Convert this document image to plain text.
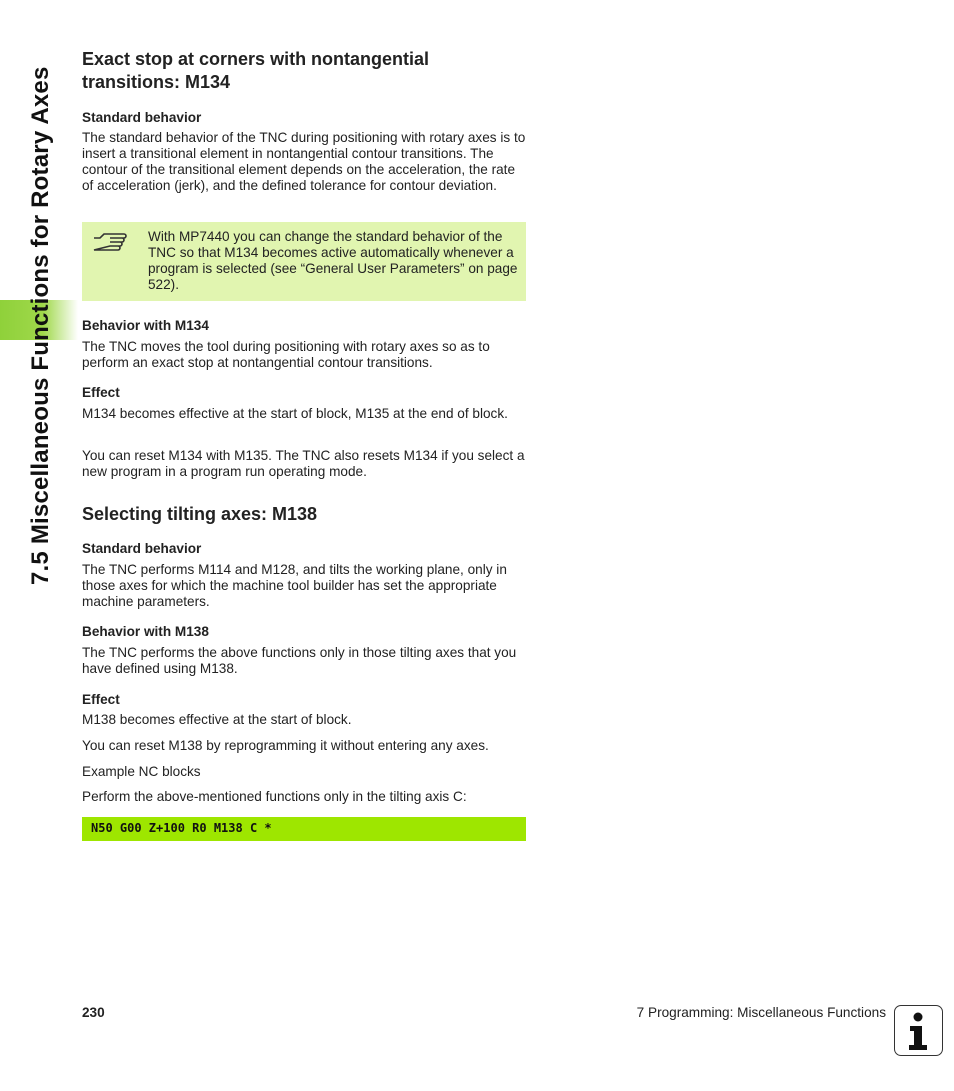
7.5 Miscellaneous Functions for Rotary Axes
Exact stop at corners with nontangential
transitions: M134
Standard behavior
The standard behavior of the TNC during positioning with rotary axes is to insert a transitional element in nontangential contour transitions. The contour of the transitional element depends on the acceleration, the rate of acceleration (jerk), and the defined tolerance for contour deviation.
With MP7440 you can change the standard behavior of the TNC so that M134 becomes active automatically whenever a program is selected (see “General User Parameters” on page 522).
Behavior with M134
The TNC moves the tool during positioning with rotary axes so as to perform an exact stop at nontangential contour transitions.
Effect
M134 becomes effective at the start of block, M135 at the end of block.
You can reset M134 with M135. The TNC also resets M134 if you select a new program in a program run operating mode.
Selecting tilting axes: M138
Standard behavior
The TNC performs M114 and M128, and tilts the working plane, only in those axes for which the machine tool builder has set the appropriate machine parameters.
Behavior with M138
The TNC performs the above functions only in those tilting axes that you have defined using M138.
Effect
M138 becomes effective at the start of block.
You can reset M138 by reprogramming it without entering any axes.
Example NC blocks
Perform the above-mentioned functions only in the tilting axis C:
N50 G00 Z+100 R0 M138 C *
230	7 Programming: Miscellaneous Functions
